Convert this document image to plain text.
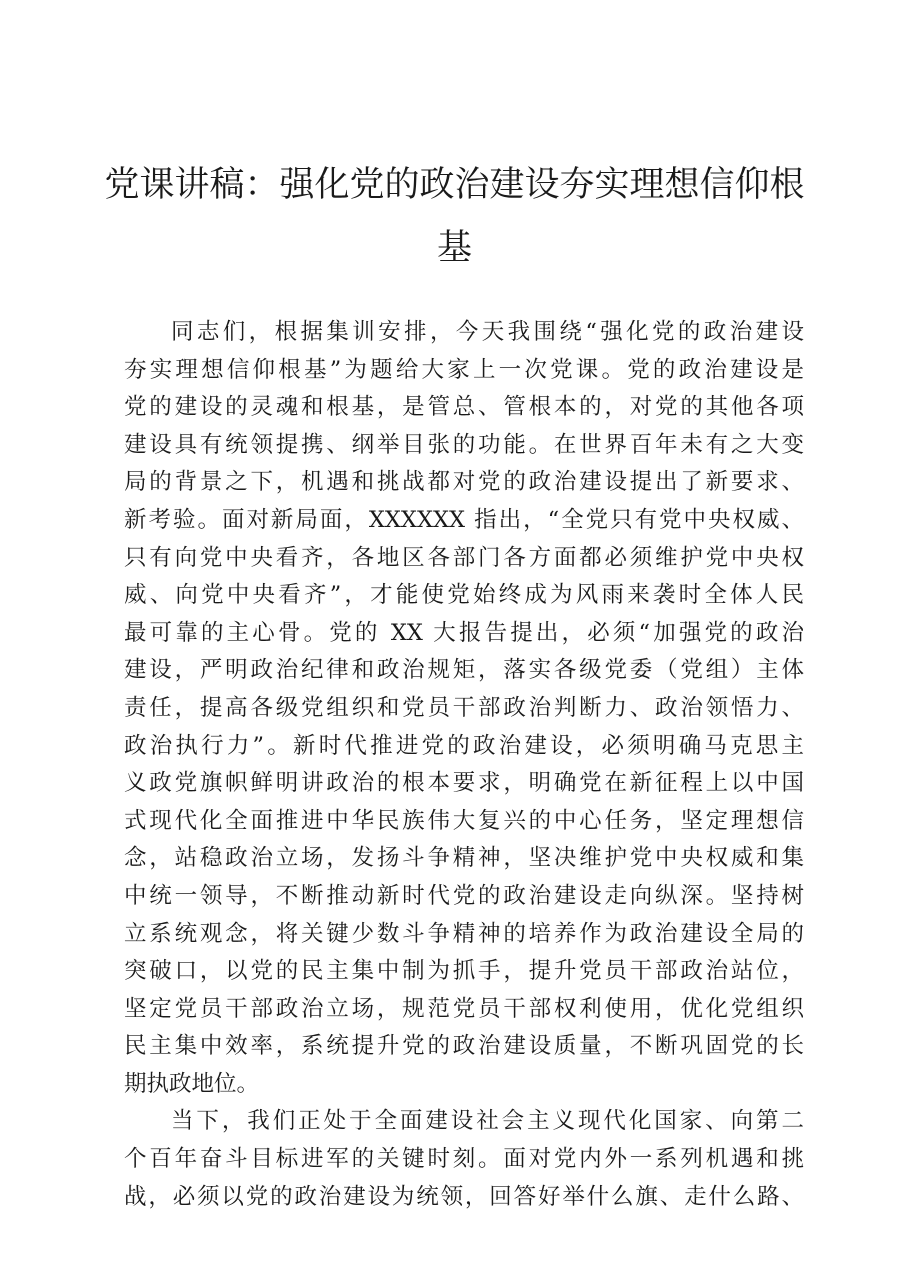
党课讲稿：强化党的政治建设夯实理想信仰根
基
同志们，根据集训安排，今天我围绕“强化党的政治建设
夯实理想信仰根基”为题给大家上一次党课。党的政治建设是
党的建设的灵魂和根基，是管总、管根本的，对党的其他各项
建设具有统领提携、纲举目张的功能。在世界百年未有之大变
局的背景之下，机遇和挑战都对党的政治建设提出了新要求、
新考验。面对新局面，XXXXXX 指出，“全党只有党中央权威、
只有向党中央看齐，各地区各部门各方面都必须维护党中央权
威、向党中央看齐”，才能使党始终成为风雨来袭时全体人民
最可靠的主心骨。党的 XX 大报告提出，必须“加强党的政治
建设，严明政治纪律和政治规矩，落实各级党委（党组）主体
责任，提高各级党组织和党员干部政治判断力、政治领悟力、
政治执行力”。新时代推进党的政治建设，必须明确马克思主
义政党旗帜鲜明讲政治的根本要求，明确党在新征程上以中国
式现代化全面推进中华民族伟大复兴的中心任务，坚定理想信
念，站稳政治立场，发扬斗争精神，坚决维护党中央权威和集
中统一领导，不断推动新时代党的政治建设走向纵深。坚持树
立系统观念，将关键少数斗争精神的培养作为政治建设全局的
突破口，以党的民主集中制为抓手，提升党员干部政治站位，
坚定党员干部政治立场，规范党员干部权利使用，优化党组织
民主集中效率，系统提升党的政治建设质量，不断巩固党的长
期执政地位。
当下，我们正处于全面建设社会主义现代化国家、向第二
个百年奋斗目标进军的关键时刻。面对党内外一系列机遇和挑
战，必须以党的政治建设为统领，回答好举什么旗、走什么路、
